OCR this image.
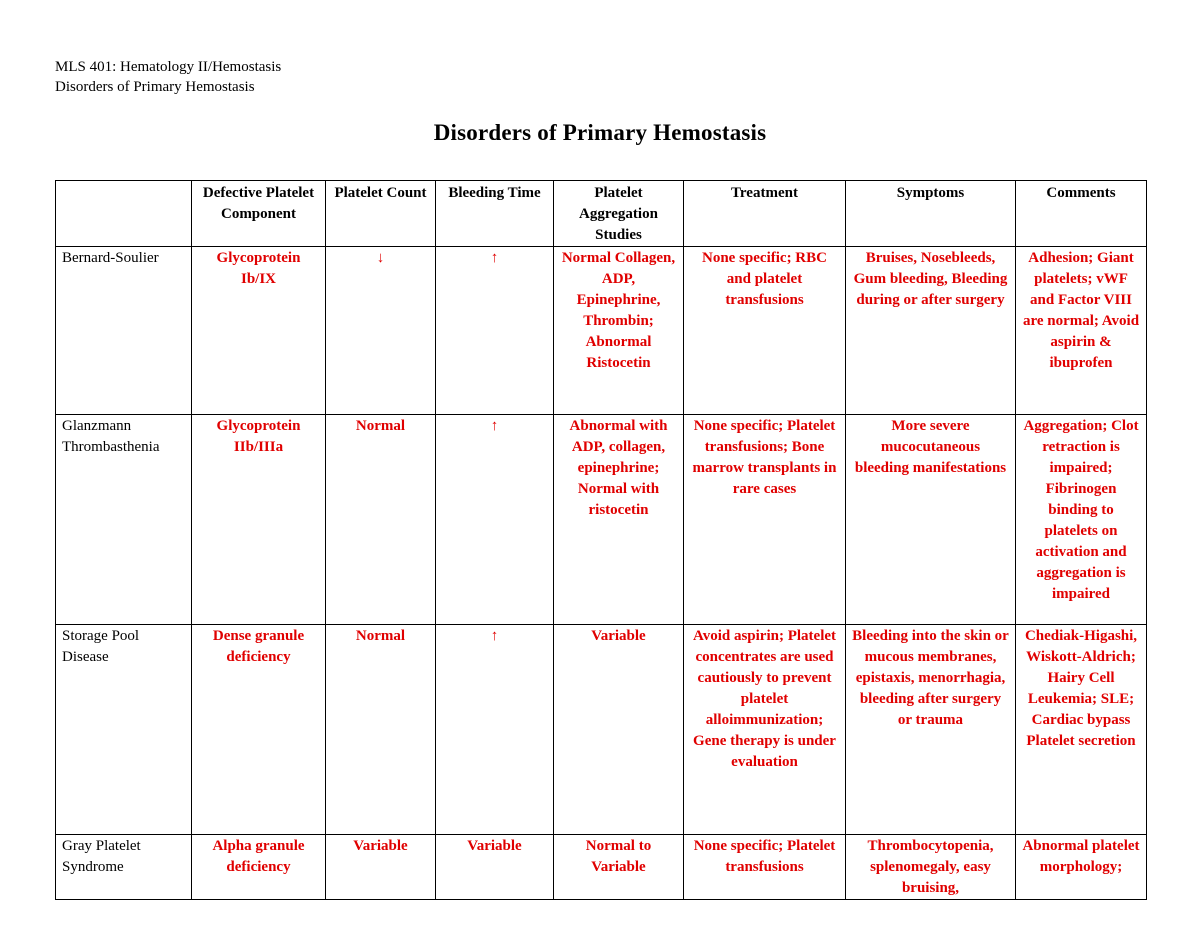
MLS 401: Hematology II/Hemostasis
Disorders of Primary Hemostasis
Disorders of Primary Hemostasis
	Defective Platelet Component	Platelet Count	Bleeding Time	Platelet Aggregation Studies	Treatment	Symptoms	Comments
Bernard-Soulier	Glycoprotein Ib/IX	↓	↑	Normal Collagen, ADP, Epinephrine, Thrombin; Abnormal Ristocetin	None specific; RBC and platelet transfusions	Bruises, Nosebleeds, Gum bleeding, Bleeding during or after surgery	Adhesion; Giant platelets; vWF and Factor VIII are normal; Avoid aspirin & ibuprofen
Glanzmann Thrombasthenia	Glycoprotein IIb/IIIa	Normal	↑	Abnormal with ADP, collagen, epinephrine; Normal with ristocetin	None specific; Platelet transfusions; Bone marrow transplants in rare cases	More severe mucocutaneous bleeding manifestations	Aggregation; Clot retraction is impaired; Fibrinogen binding to platelets on activation and aggregation is impaired
Storage Pool Disease	Dense granule deficiency	Normal	↑	Variable	Avoid aspirin; Platelet concentrates are used cautiously to prevent platelet alloimmunization; Gene therapy is under evaluation	Bleeding into the skin or mucous membranes, epistaxis, menorrhagia, bleeding after surgery or trauma	Chediak-Higashi, Wiskott-Aldrich; Hairy Cell Leukemia; SLE; Cardiac bypass Platelet secretion
Gray Platelet Syndrome	Alpha granule deficiency	Variable	Variable	Normal to Variable	None specific; Platelet transfusions	Thrombocytopenia, splenomegaly, easy bruising,	Abnormal platelet morphology;
